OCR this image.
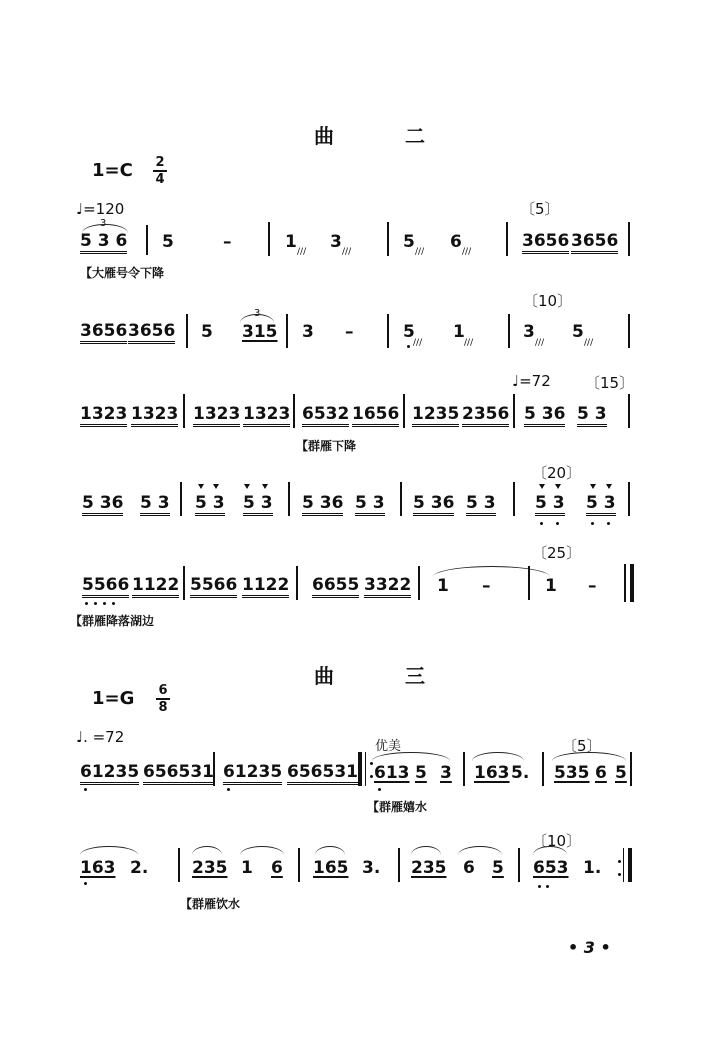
曲 二
1=C 2
4
♩=120	〔5〕
3
5 3 6 5	–	1 /// 3 ///	5 /// 6 ///
3656 3656
【大雁号令下降
〔10〕
3656 3656 5
3
315 3 –	5
///
1
///
3
///
5
///
♩=72 〔15〕
1323 1323 1323 1323 6532 1656 1235 2356 5 36 5 3
【群雁下降
〔20〕
5 36 5 3 5 3 5 3 5 36 5 3 5 36 5 3 5 3 5 3
〔25〕
5566 1122 5566 1122 6655 3322 1 –	1 –
【群雁降落湖边
曲 三
1=G 6
8
♩. =72
优美	〔5〕
61235 656531 61235 656531 613 5 3 163 5. 535 6 5
【群雁嬉水
〔10〕
163 2.	235 1 6 165 3. 235 6 5 653 1.
【群雁饮水
• 3 •
